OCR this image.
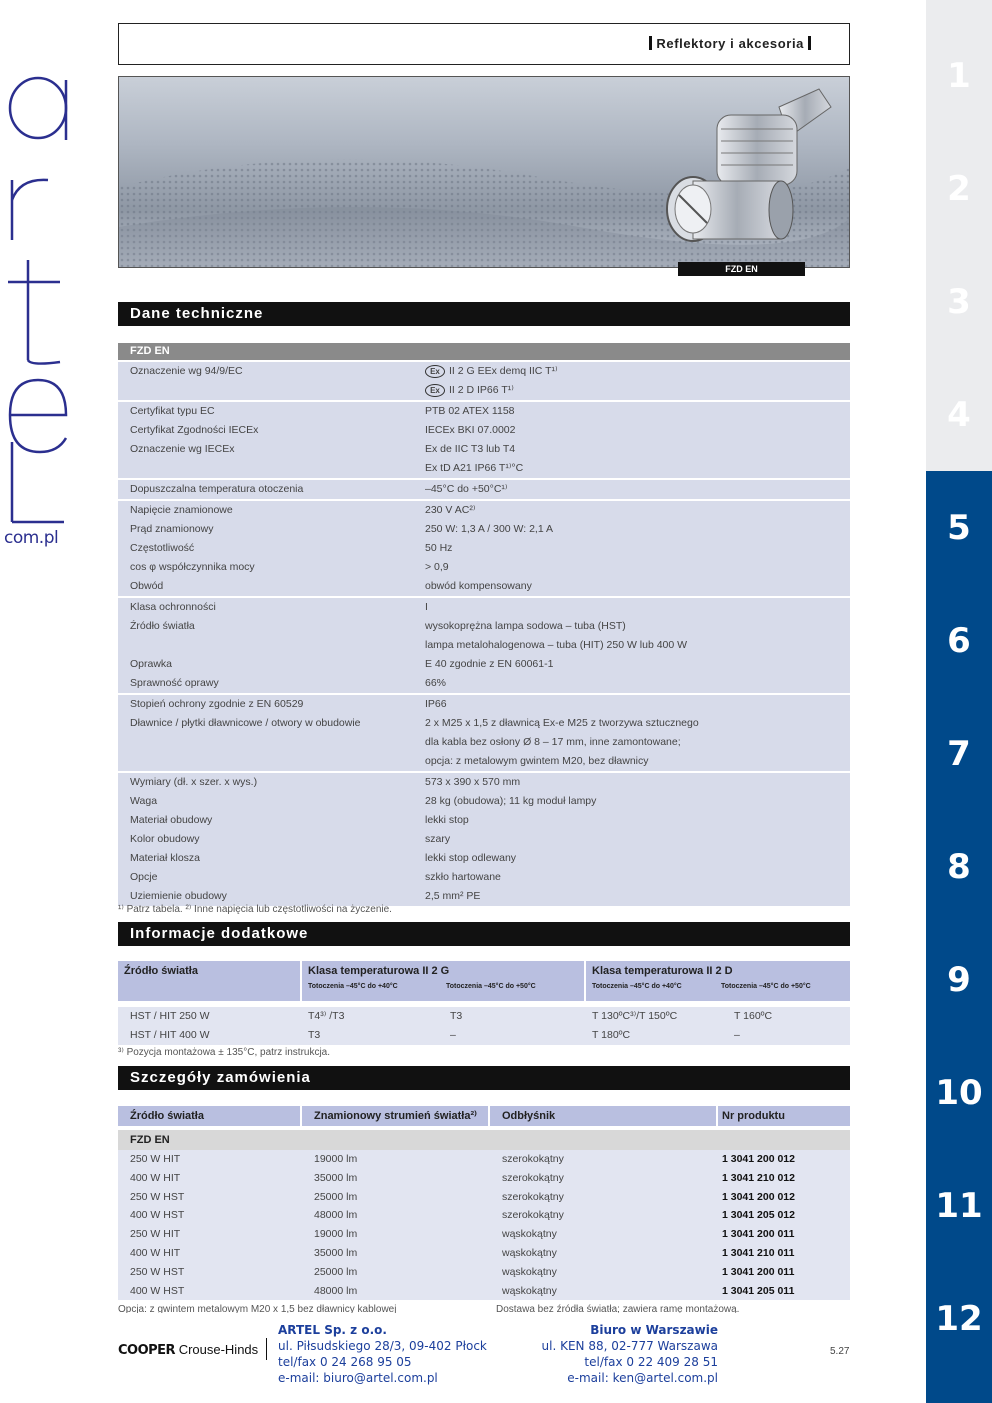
com.pl
1
2
3
4
5
6
7
8
9
10
11
12
Reflektory i akcesoria
FZD EN
Dane techniczne
FZD EN
Oznaczenie wg 94/9/EC	Ex II 2 G EEx demq IIC T¹⁾
Ex II 2 D IP66 T¹⁾
Certyfikat typu EC	PTB 02 ATEX 1158
Certyfikat Zgodności IECEx	IECEx BKI 07.0002
Oznaczenie wg IECEx	Ex de IIC T3 lub T4
Ex tD A21 IP66 T¹⁾°C
Dopuszczalna temperatura otoczenia	–45°C do +50°C¹⁾
Napięcie znamionowe	230 V AC²⁾
Prąd znamionowy	250 W: 1,3 A / 300 W: 2,1 A
Częstotliwość	50 Hz
cos φ współczynnika mocy	> 0,9
Obwód	obwód kompensowany
Klasa ochronności	I
Źródło światła	wysokoprężna lampa sodowa – tuba (HST)
lampa metalohalogenowa – tuba (HIT) 250 W lub 400 W
Oprawka	E 40 zgodnie z EN 60061-1
Sprawność oprawy	66%
Stopień ochrony zgodnie z EN 60529	IP66
Dławnice / płytki dławnicowe / otwory w obudowie	2 x M25 x 1,5 z dławnicą Ex-e M25 z tworzywa sztucznego
dla kabla bez osłony Ø 8 – 17 mm, inne zamontowane;
opcja: z metalowym gwintem M20, bez dławnicy
Wymiary (dł. x szer. x wys.)	573 x 390 x 570 mm
Waga	28 kg (obudowa); 11 kg moduł lampy
Materiał obudowy	lekki stop
Kolor obudowy	szary
Materiał klosza	lekki stop odlewany
Opcje	szkło hartowane
Uziemienie obudowy	2,5 mm² PE
¹⁾ Patrz tabela. ²⁾ Inne napięcia lub częstotliwości na życzenie.
Informacje dodatkowe
Źródło światła	Klasa temperaturowa II 2 G
Totoczenia –45°C do +40°C	Totoczenia –45°C do +50°C
Klasa temperaturowa II 2 D
Totoczenia –45°C do +40°C	Totoczenia –45°C do +50°C
HST / HIT 250 W	T4³⁾ /T3	T3	T 130ºC³⁾/T 150ºC	T 160ºC
HST / HIT 400 W	T3	–	T 180ºC	–
³⁾ Pozycja montażowa ± 135°C, patrz instrukcja.
Szczegóły zamówienia
Źródło światła	Znamionowy strumień światła²⁾	Odbłyśnik	Nr produktu
FZD EN
250 W HIT	19000 lm	szerokokątny	1 3041 200 012
400 W HIT	35000 lm	szerokokątny	1 3041 210 012
250 W HST	25000 lm	szerokokątny	1 3041 200 012
400 W HST	48000 lm	szerokokątny	1 3041 205 012
250 W HIT	19000 lm	wąskokątny	1 3041 200 011
400 W HIT	35000 lm	wąskokątny	1 3041 210 011
250 W HST	25000 lm	wąskokątny	1 3041 200 011
400 W HST	48000 lm	wąskokątny	1 3041 205 011
Opcja: z gwintem metalowym M20 x 1,5 bez dławnicy kablowej	Dostawa bez źródła światła; zawiera ramę montażową.
COOPER Crouse-Hinds
ARTEL Sp. z o.o.
ul. Piłsudskiego 28/3, 09-402 Płock
tel/fax 0 24 268 95 05
e-mail: biuro@artel.com.pl
Biuro w Warszawie
ul. KEN 88, 02-777 Warszawa
tel/fax 0 22 409 28 51
e-mail: ken@artel.com.pl
5.27
